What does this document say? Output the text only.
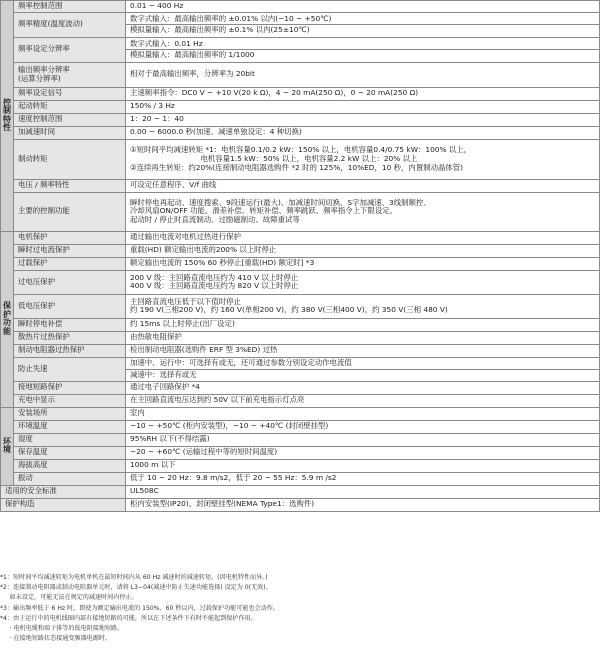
控 制 特 性	频率控制范围	0.01 ~ 400 Hz

	频率精度(温度波动)	数字式输入：最高输出频率的 ±0.01% 以内(−10 ~ +50℃)
模拟量输入：最高输出频率的 ±0.1% 以内(25±10℃)

	频率设定分辨率	数字式输入：0.01 Hz
模拟量输入：最高输出频率的 1/1000

	输出频率分辨率
(运算分辨率)	相对于最高输出频率，分辨率为 20bit

	频率设定信号	主速频率指令：DC0 V ~ +10 V(20 k Ω)，4 ~ 20 mA(250 Ω)，0 ~ 20 mA(250 Ω)

	起动转矩	150% / 3 Hz

	速度控制范围	1：20 ~ 1：40

	加减速时间	0.00 ~ 6000.0 秒(加速、减速单独设定：4 种切换)

	制动转矩	①短时间平均减速转矩 *1：电机容量0.1/0.2 kW：150% 以上，电机容量0.4/0.75 kW：100% 以上，
电机容量1.5 kW：50% 以上，电机容量2.2 kW 以上：20% 以上
②连续再生转矩：约20%(连接制动电阻器选购件 *2 时的 125%，10%ED，10 秒，内置制动晶体管)

	电压 / 频率特性	可设定任意程序、V/f 曲线

	主要的控制功能	瞬时停电再起动、速度搜索、9段速运行(最大)、加减速时间切换、S字加减速、3线制顺控、
冷却风扇ON/OFF 功能、滑差补偿、转矩补偿、频率跳跃、频率指令上下限设定、
起动时 / 停止时直流制动、过励磁制动、故障重试等

保 护 功 能	电机保护	通过输出电流对电机过热进行保护

	瞬时过电流保护	重载(HD) 额定输出电流的200% 以上时停止

	过载保护	额定输出电流的 150% 60 秒停止[重载(HD) 额定时] *3

	过电压保护	200 V 级：主回路直流电压约为 410 V 以上时停止
400 V 级：主回路直流电压约为 820 V 以上时停止

	低电压保护	主回路直流电压低于以下值时停止
约 190 V(三相200 V)，约 160 V(单相200 V)，约 380 V(三相400 V)，约 350 V(三相 480 V)

	瞬时停电补偿	约 15ms 以上时停止(出厂设定)

	散热片过热保护	由热敏电阻保护

	制动电阻器过热保护	检出制动电阻器(选购件 ERF 型 3%ED) 过热

	防止失速	加速中、运行中：可选择有或无，还可通过参数分别设定动作电流值
减速中：选择有或无

	接地短路保护	通过电子回路保护 *4

	充电中显示	在主回路直流电压达到约 50V 以下前充电指示灯点亮

环 境	安装场所	室内

	环境温度	−10 ~ +50℃ (柜内安装型)，−10 ~ +40℃ (封闭壁挂型)

	湿度	95%RH 以下(不得结露)

	保存温度	−20 ~ +60℃ (运输过程中等的短时间温度)

	海拔高度	1000 m 以下

	振动	低于 10 ~ 20 Hz：9.8 m/s2，低于 20 ~ 55 Hz：5.9 m /s2

适用的安全标准		UL508C

保护构造		柜内安装型(IP20)、封闭壁挂型(NEMA Type1：选购件)
*1：短时间平均减速转矩为电机单机在最短时间内从 60 Hz 减速时的减速转矩。(因电机特性而异。)
*2：连接制动电阻器或制动电阻器单元时，请将 L3−04(减速中防止失速功能选择) 设定为 0(无效)。
如未设定，可能无法在规定的减速时间内停止。
*3：输出频率低于 6 Hz 时，即使为额定输出电流的 150%、60 秒以内，过载保护功能可能也会动作。
*4：由于运行中的电机线圈内部有接地短路的可能，所以在下述条件下有时不能起到保护作用。
· 电机电缆和端子排等的低电阻接地短路。
· 在接地短路状态接通变频器电源时。
